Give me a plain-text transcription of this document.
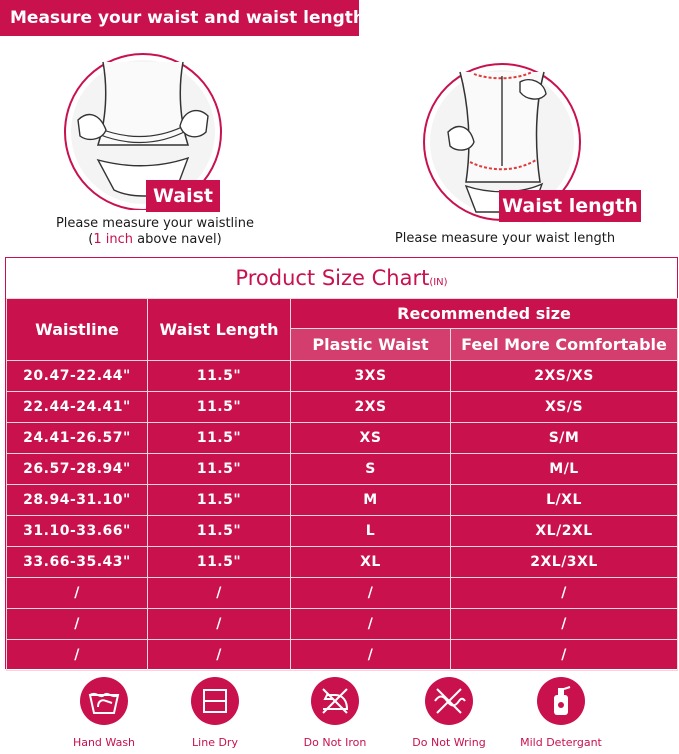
Measure your waist and waist length:
Waist
Please measure your waistline
(1 inch above navel)
Waist length
Please measure your waist length
Product Size Chart(IN)
Waistline	Waist Length	Recommended size	
		Plastic Waist	Feel More Comfortable
20.47-22.44"	11.5"	3XS	2XS/XS
22.44-24.41"	11.5"	2XS	XS/S
24.41-26.57"	11.5"	XS	S/M
26.57-28.94"	11.5"	S	M/L
28.94-31.10"	11.5"	M	L/XL
31.10-33.66"	11.5"	L	XL/2XL
33.66-35.43"	11.5"	XL	2XL/3XL
/	/	/	/
/	/	/	/
/	/	/	/
Hand Wash	Line Dry	Do Not Iron	Do Not Wring	Mild Detergant
